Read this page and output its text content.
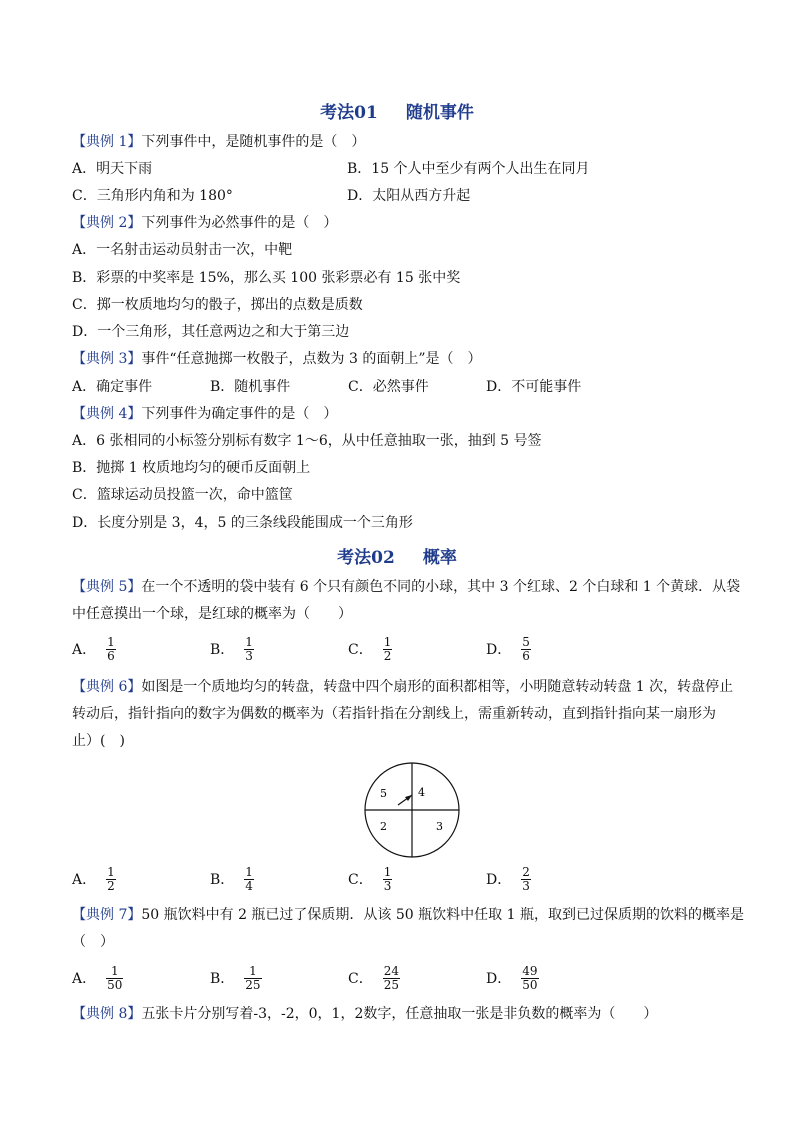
考法01 随机事件
【典例 1】下列事件中，是随机事件的是（　）
A．明天下雨	B．15 个人中至少有两个人出生在同月
C．三角形内角和为 180°	D．太阳从西方升起
【典例 2】下列事件为必然事件的是（　）
A．一名射击运动员射击一次，中靶
B．彩票的中奖率是 15%，那么买 100 张彩票必有 15 张中奖
C．掷一枚质地均匀的骰子，掷出的点数是质数
D．一个三角形，其任意两边之和大于第三边
【典例 3】事件“任意抛掷一枚骰子，点数为 3 的面朝上”是（　）
A．确定事件	B．随机事件	C．必然事件	D．不可能事件
【典例 4】下列事件为确定事件的是（　）
A．6 张相同的小标签分别标有数字 1～6，从中任意抽取一张，抽到 5 号签
B．抛掷 1 枚质地均匀的硬币反面朝上
C．篮球运动员投篮一次，命中篮筐
D．长度分别是 3，4，5 的三条线段能围成一个三角形
考法02 概率
【典例 5】在一个不透明的袋中装有 6 个只有颜色不同的小球，其中 3 个红球、2 个白球和 1 个黄球．从袋
中任意摸出一个球，是红球的概率为（　　）
A． $\frac{1}{6}$	B． $\frac{1}{3}$	C． $\frac{1}{2}$	D． $\frac{5}{6}$
【典例 6】如图是一个质地均匀的转盘，转盘中四个扇形的面积都相等，小明随意转动转盘 1 次，转盘停止
转动后，指针指向的数字为偶数的概率为（若指针指在分割线上，需重新转动，直到指针指向某一扇形为
止）(　)
5	4
2	3
A． $\frac{1}{2}$	B． $\frac{1}{4}$	C． $\frac{1}{3}$	D． $\frac{2}{3}$
【典例 7】50 瓶饮料中有 2 瓶已过了保质期．从该 50 瓶饮料中任取 1 瓶，取到已过保质期的饮料的概率是
（　）
A． $\frac{1}{50}$	B． $\frac{1}{25}$	C． $\frac{24}{25}$	D． $\frac{49}{50}$
【典例 8】五张卡片分别写着-3，-2，0，1，2数字，任意抽取一张是非负数的概率为（　　）
